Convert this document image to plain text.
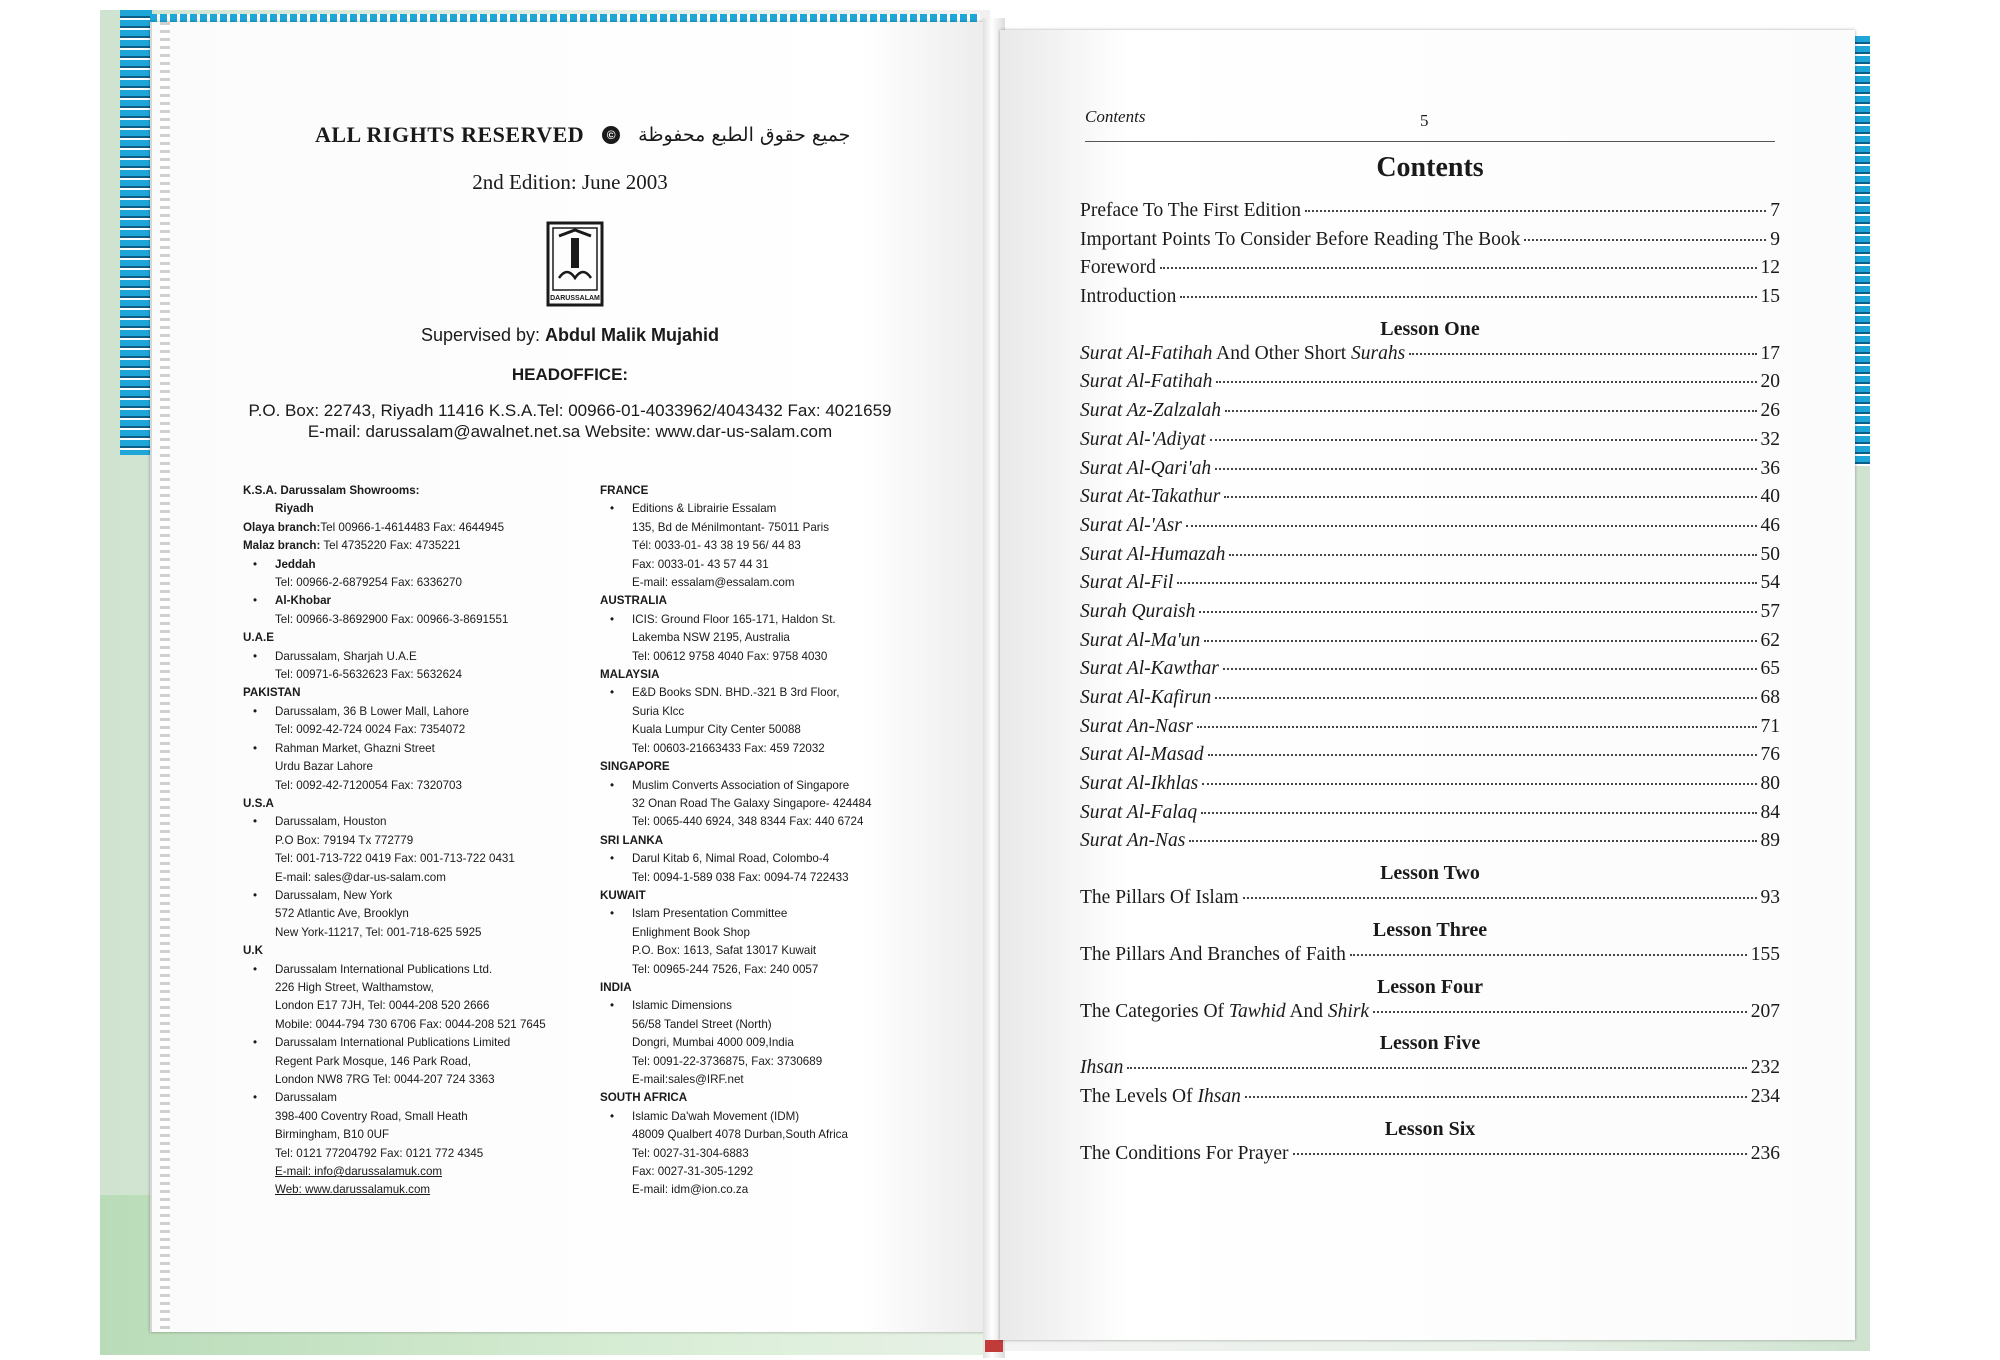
ALL RIGHTS RESERVED	© جميع حقوق الطبع محفوظة
2nd Edition: June 2003
DARUSSALAM
Supervised by: Abdul Malik Mujahid
HEADOFFICE:
P.O. Box: 22743, Riyadh 11416 K.S.A.Tel: 00966-01-4033962/4043432 Fax: 4021659
E-mail: darussalam@awalnet.net.sa Website: www.dar-us-salam.com
K.S.A. Darussalam Showrooms:
Riyadh
Olaya branch:Tel 00966-1-4614483 Fax: 4644945
Malaz branch: Tel 4735220 Fax: 4735221
• Jeddah
Tel: 00966-2-6879254 Fax: 6336270
• Al-Khobar
Tel: 00966-3-8692900 Fax: 00966-3-8691551
U.A.E
• Darussalam, Sharjah U.A.E
Tel: 00971-6-5632623 Fax: 5632624
PAKISTAN
• Darussalam, 36 B Lower Mall, Lahore
Tel: 0092-42-724 0024 Fax: 7354072
• Rahman Market, Ghazni Street
Urdu Bazar Lahore
Tel: 0092-42-7120054 Fax: 7320703
U.S.A
• Darussalam, Houston
P.O Box: 79194 Tx 772779
Tel: 001-713-722 0419 Fax: 001-713-722 0431
E-mail: sales@dar-us-salam.com
• Darussalam, New York
572 Atlantic Ave, Brooklyn
New York-11217, Tel: 001-718-625 5925
U.K
• Darussalam International Publications Ltd.
226 High Street, Walthamstow,
London E17 7JH, Tel: 0044-208 520 2666
Mobile: 0044-794 730 6706 Fax: 0044-208 521 7645
• Darussalam International Publications Limited
Regent Park Mosque, 146 Park Road,
London NW8 7RG Tel: 0044-207 724 3363
• Darussalam
398-400 Coventry Road, Small Heath
Birmingham, B10 0UF
Tel: 0121 77204792 Fax: 0121 772 4345
E-mail: info@darussalamuk.com
Web: www.darussalamuk.com
FRANCE
• Editions & Librairie Essalam
135, Bd de Ménilmontant- 75011 Paris
Tél: 0033-01- 43 38 19 56/ 44 83
Fax: 0033-01- 43 57 44 31
E-mail: essalam@essalam.com
AUSTRALIA
• ICIS: Ground Floor 165-171, Haldon St.
Lakemba NSW 2195, Australia
Tel: 00612 9758 4040 Fax: 9758 4030
MALAYSIA
• E&D Books SDN. BHD.-321 B 3rd Floor,
Suria Klcc
Kuala Lumpur City Center 50088
Tel: 00603-21663433 Fax: 459 72032
SINGAPORE
• Muslim Converts Association of Singapore
32 Onan Road The Galaxy Singapore- 424484
Tel: 0065-440 6924, 348 8344 Fax: 440 6724
SRI LANKA
• Darul Kitab 6, Nimal Road, Colombo-4
Tel: 0094-1-589 038 Fax: 0094-74 722433
KUWAIT
• Islam Presentation Committee
Enlighment Book Shop
P.O. Box: 1613, Safat 13017 Kuwait
Tel: 00965-244 7526, Fax: 240 0057
INDIA
• Islamic Dimensions
56/58 Tandel Street (North)
Dongri, Mumbai 4000 009,India
Tel: 0091-22-3736875, Fax: 3730689
E-mail:sales@IRF.net
SOUTH AFRICA
• Islamic Da'wah Movement (IDM)
48009 Qualbert 4078 Durban,South Africa
Tel: 0027-31-304-6883
Fax: 0027-31-305-1292
E-mail: idm@ion.co.za
Contents	5
Contents
Preface To The First Edition	7
Important Points To Consider Before Reading The Book	9
Foreword	12
Introduction	15
Lesson One
Surat Al-Fatihah And Other Short Surahs	17
Surat Al-Fatihah	20
Surat Az-Zalzalah	26
Surat Al-'Adiyat	32
Surat Al-Qari'ah	36
Surat At-Takathur	40
Surat Al-'Asr	46
Surat Al-Humazah	50
Surat Al-Fil	54
Surah Quraish	57
Surat Al-Ma'un	62
Surat Al-Kawthar	65
Surat Al-Kafirun	68
Surat An-Nasr	71
Surat Al-Masad	76
Surat Al-Ikhlas	80
Surat Al-Falaq	84
Surat An-Nas	89
Lesson Two
The Pillars Of Islam	93
Lesson Three
The Pillars And Branches of Faith	155
Lesson Four
The Categories Of Tawhid And Shirk	207
Lesson Five
Ihsan	232
The Levels Of Ihsan	234
Lesson Six
The Conditions For Prayer	236
